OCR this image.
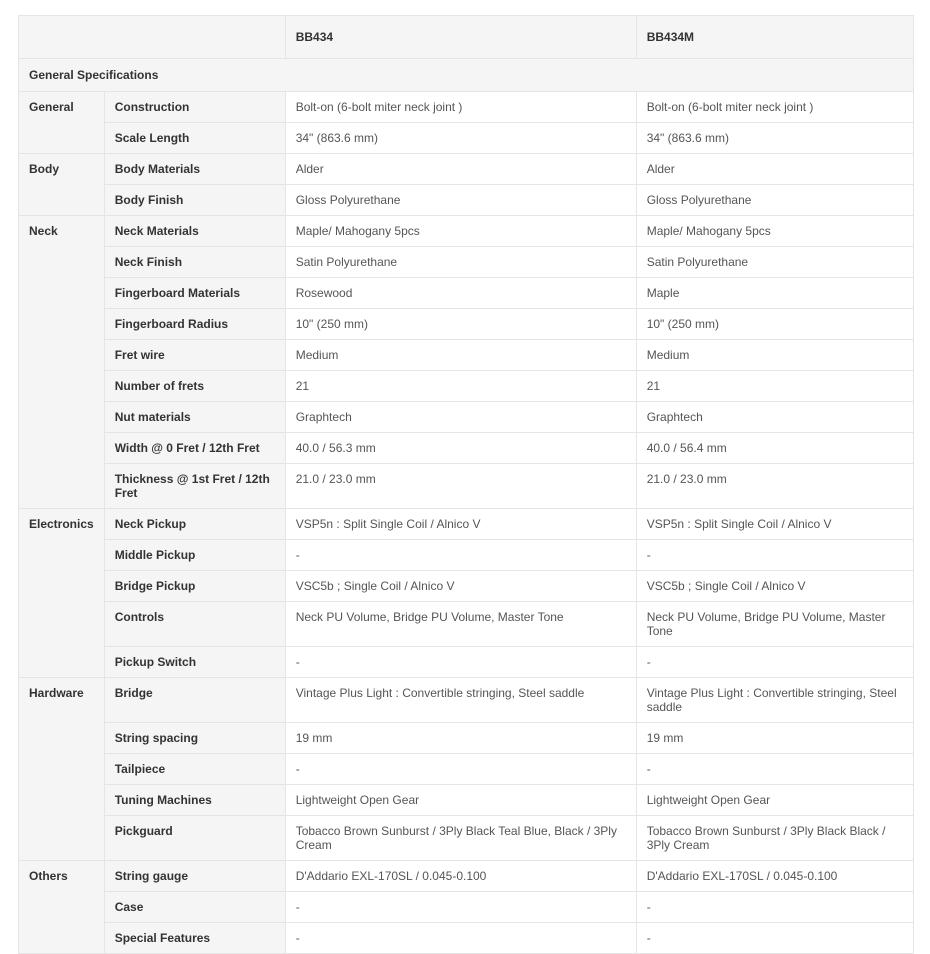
		BB434	BB434M
General Specifications			
General	Construction	Bolt-on (6-bolt miter neck joint )	Bolt-on (6-bolt miter neck joint )
	Scale Length	34" (863.6 mm)	34" (863.6 mm)
Body	Body Materials	Alder	Alder
	Body Finish	Gloss Polyurethane	Gloss Polyurethane
Neck	Neck Materials	Maple/ Mahogany 5pcs	Maple/ Mahogany 5pcs
	Neck Finish	Satin Polyurethane	Satin Polyurethane
	Fingerboard Materials	Rosewood	Maple
	Fingerboard Radius	10" (250 mm)	10" (250 mm)
	Fret wire	Medium	Medium
	Number of frets	21	21
	Nut materials	Graphtech	Graphtech
	Width @ 0 Fret / 12th Fret	40.0 / 56.3 mm	40.0 / 56.4 mm
	Thickness @ 1st Fret / 12th Fret	21.0 / 23.0 mm	21.0 / 23.0 mm
Electronics	Neck Pickup	VSP5n : Split Single Coil / Alnico V	VSP5n : Split Single Coil / Alnico V
	Middle Pickup	-	-
	Bridge Pickup	VSC5b ; Single Coil / Alnico V	VSC5b ; Single Coil / Alnico V
	Controls	Neck PU Volume, Bridge PU Volume, Master Tone	Neck PU Volume, Bridge PU Volume, Master Tone
	Pickup Switch	-	-
Hardware	Bridge	Vintage Plus Light : Convertible stringing, Steel saddle	Vintage Plus Light : Convertible stringing, Steel saddle
	String spacing	19 mm	19 mm
	Tailpiece	-	-
	Tuning Machines	Lightweight Open Gear	Lightweight Open Gear
	Pickguard	Tobacco Brown Sunburst / 3Ply Black Teal Blue, Black / 3Ply Cream	Tobacco Brown Sunburst / 3Ply Black Black / 3Ply Cream
Others	String gauge	D'Addario EXL-170SL / 0.045-0.100	D'Addario EXL-170SL / 0.045-0.100
	Case	-	-
	Special Features	-	-
